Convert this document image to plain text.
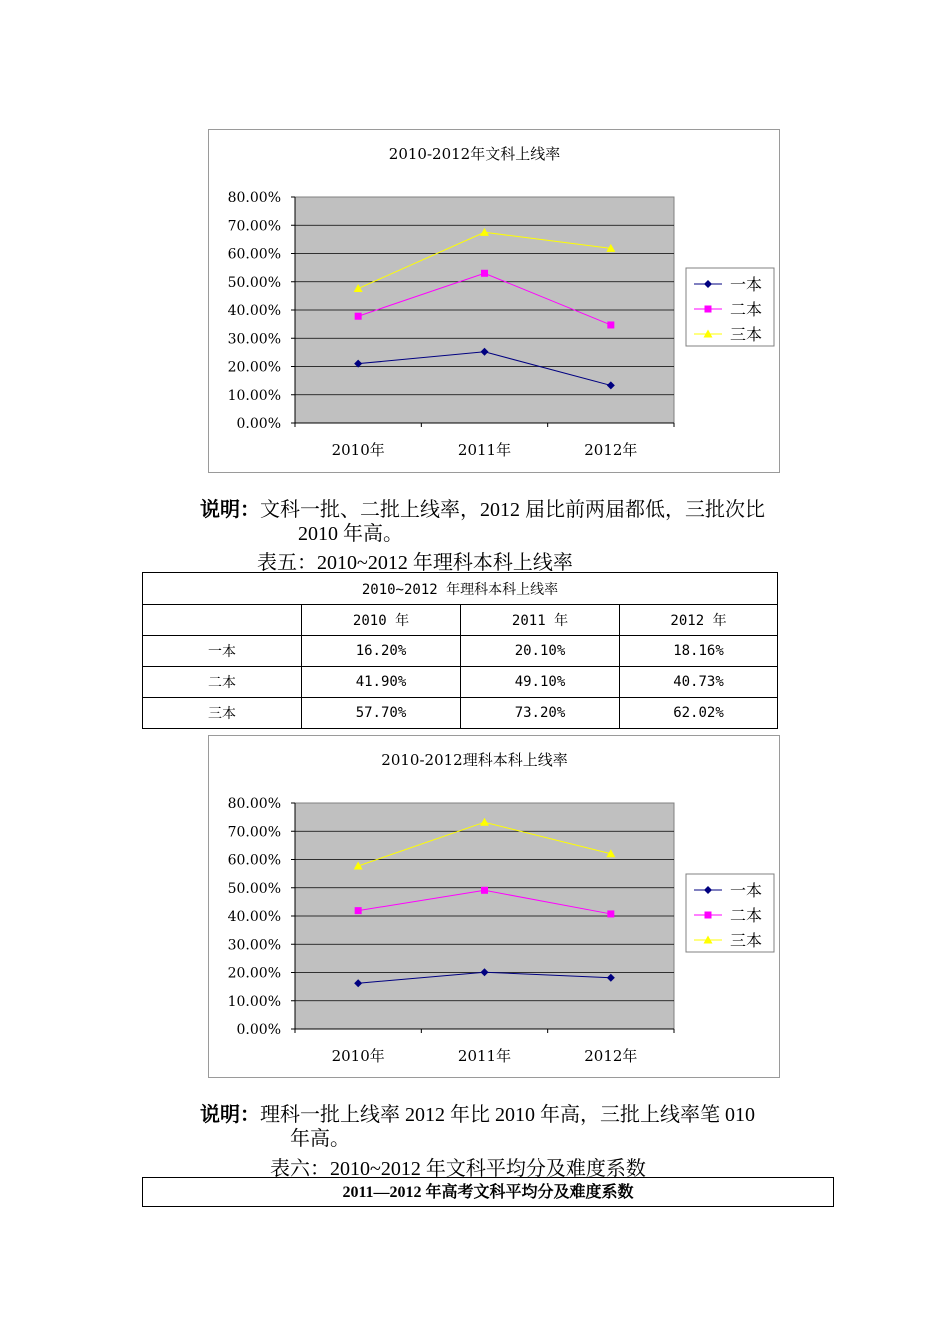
2010-2012年文科上线率
80.00%
70.00%
60.00%
50.00%
40.00%
30.00%
20.00%
10.00%
0.00%
2010年	2011年	2012年
一本
二本
三本
说明：文科一批、二批上线率，2012 届比前两届都低，三批次比
2010 年高。
表五：2010~2012 年理科本科上线率
2010~2012 年理科本科上线率			
	2010 年	2011 年	2012 年
一本	16.20%	20.10%	18.16%
二本	41.90%	49.10%	40.73%
三本	57.70%	73.20%	62.02%
2010-2012理科本科上线率
80.00%
70.00%
60.00%
50.00%
40.00%
30.00%
20.00%
10.00%
0.00%
2010年	2011年	2012年
一本
二本
三本
说明：理科一批上线率 2012 年比 2010 年高，三批上线率笔 010
年高。
表六：2010~2012 年文科平均分及难度系数
2011—2012 年高考文科平均分及难度系数
